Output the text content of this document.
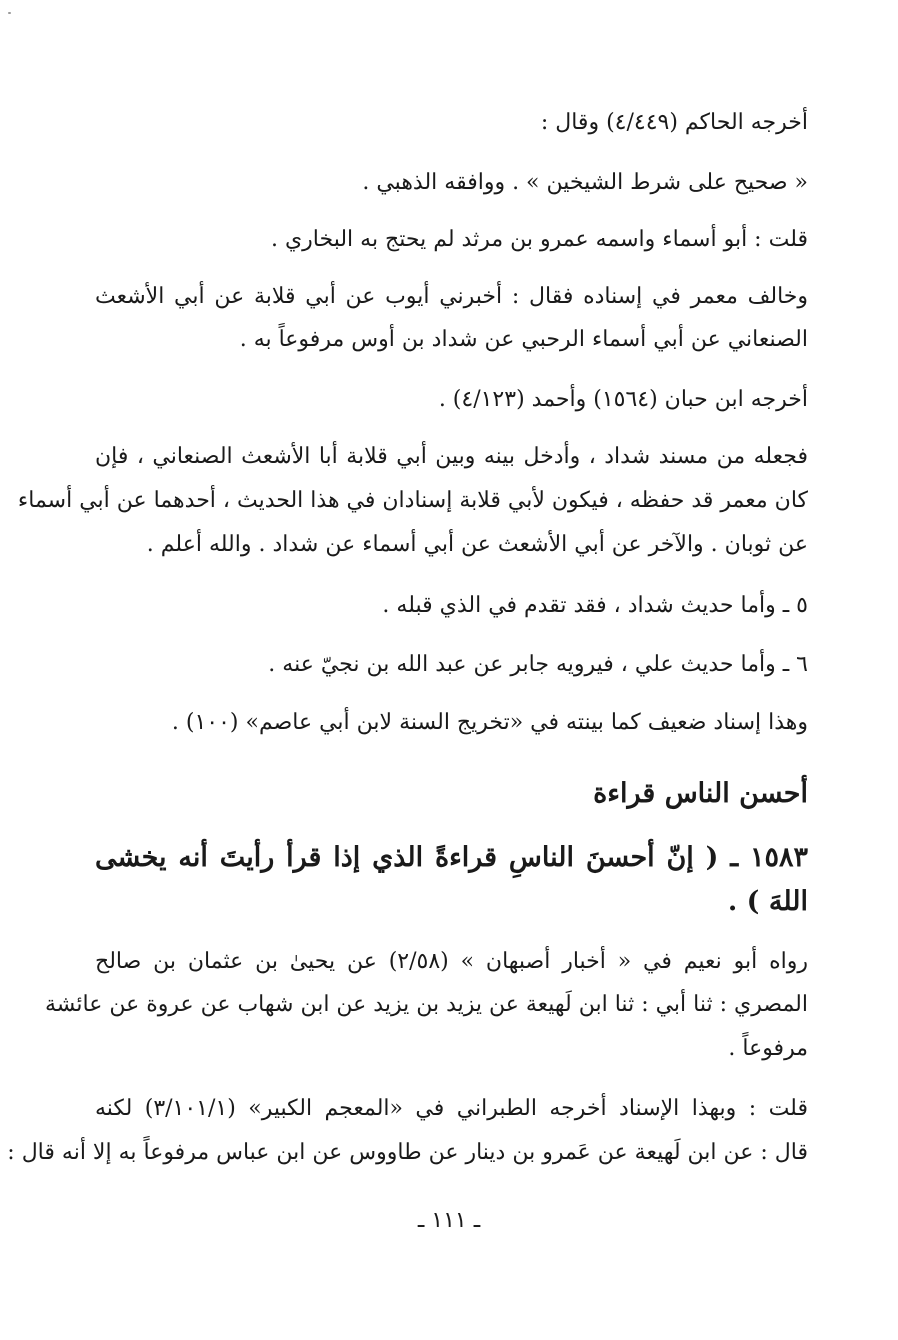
أخرجه الحاكم (٤/٤٤٩) وقال :
« صحيح على شرط الشيخين » . ووافقه الذهبي .
قلت : أبو أسماء واسمه عمرو بن مرثد لم يحتج به البخاري .
وخالف معمر في إسناده فقال : أخبرني أيوب عن أبي قلابة عن أبي الأشعث
الصنعاني عن أبي أسماء الرحبي عن شداد بن أوس مرفوعاً به .
أخرجه ابن حبان (١٥٦٤) وأحمد (٤/١٢٣) .
فجعله من مسند شداد ، وأدخل بينه وبين أبي قلابة أبا الأشعث الصنعاني ، فإن
كان معمر قد حفظه ، فيكون لأبي قلابة إسنادان في هذا الحديث ، أحدهما عن أبي أسماء
عن ثوبان . والآخر عن أبي الأشعث عن أبي أسماء عن شداد . والله أعلم .
٥ ـ وأما حديث شداد ، فقد تقدم في الذي قبله .
٦ ـ وأما حديث علي ، فيرويه جابر عن عبد الله بن نجيّ عنه .
وهذا إسناد ضعيف كما بينته في «تخريج السنة لابن أبي عاصم» (١٠٠) .
أحسن الناس قراءة
١٥٨٣ ـ ( إنّ أحسنَ الناسِ قراءةً الذي إذا قرأ رأيتَ أنه يخشى
اللهَ ) .
رواه أبو نعيم في « أخبار أصبهان » (٢/٥٨) عن يحيىٰ بن عثمان بن صالح
المصري : ثنا أبي : ثنا ابن لَهيعة عن يزيد بن يزيد عن ابن شهاب عن عروة عن عائشة
مرفوعاً .
قلت : وبهذا الإسناد أخرجه الطبراني في «المعجم الكبير» (٣/١٠١/١) لكنه
قال : عن ابن لَهيعة عن عَمرو بن دينار عن طاووس عن ابن عباس مرفوعاً به إلا أنه قال :
ـ ١١١ ـ
